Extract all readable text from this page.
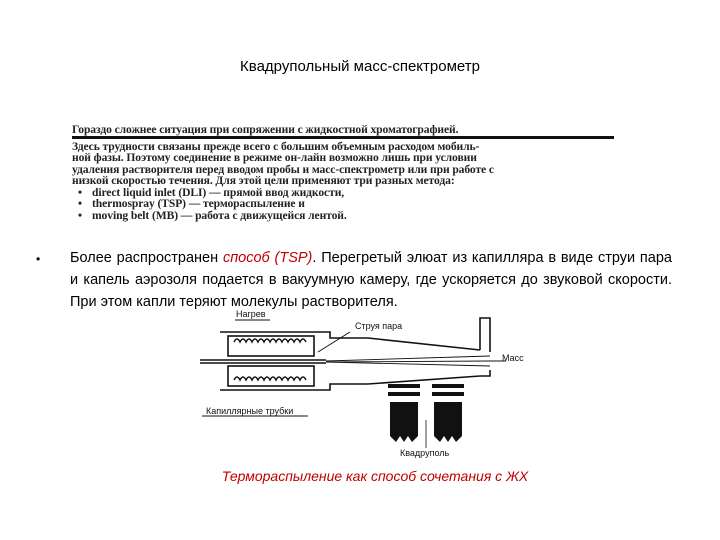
Квадрупольный масс-спектрометр

Гораздо сложнее ситуация при сопряжении с жидкостной хроматографией.

Здесь трудности связаны прежде всего с большим объемным расходом мобиль-

ной фазы. Поэтому соединение в режиме он-лайн возможно лишь при условии

удаления растворителя перед вводом пробы и масс-спектрометр или при работе с

низкой скоростью течения. Для этой цели применяют три разных метода:

• direct liquid inlet (DLI) — прямой ввод жидкости,
• thermospray (TSP) — термораспыление и
• moving belt (MB) — работа с движущейся лентой.
• Более распространен способ (TSP). Перегретый элюат из капилляра в виде струи пара и капель аэрозоля подается в вакуумную камеру, где ускоряется до звуковой скорости. При этом капли теряют молекулы растворителя.
Нагрев
Струя пара
Масс
Капиллярные трубки
Квадруполь
Термораспыление как способ сочетания с ЖХ
